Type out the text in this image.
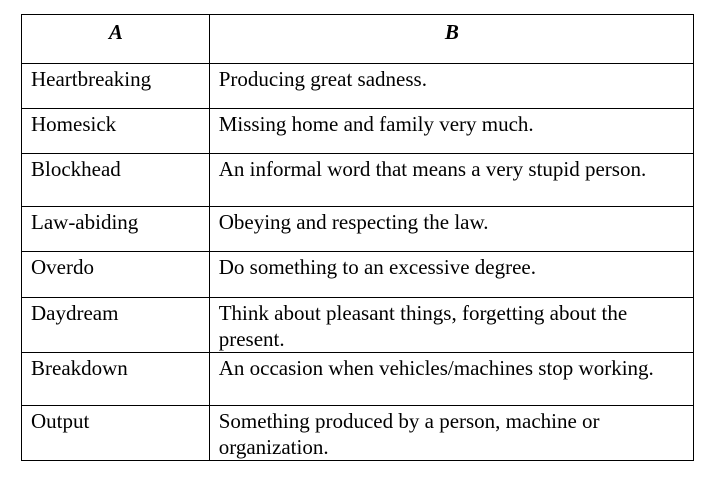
A	B
Heartbreaking	Producing great sadness.
Homesick	Missing home and family very much.
Blockhead	An informal word that means a very stupid person.
Law-abiding	Obeying and respecting the law.
Overdo	Do something to an excessive degree.
Daydream	Think about pleasant things, forgetting about the present.
Breakdown	An occasion when vehicles/machines stop working.
Output	Something produced by a person, machine or organization.
